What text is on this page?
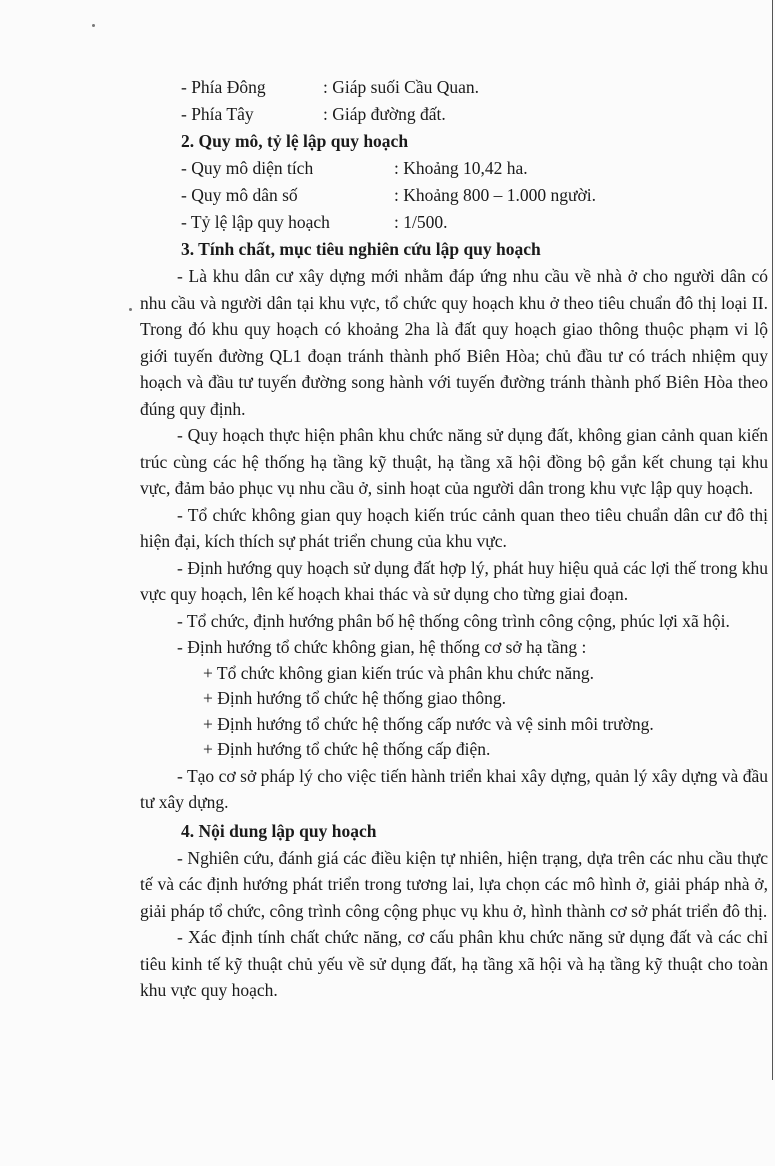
- Phía Đông	: Giáp suối Cầu Quan.
- Phía Tây	: Giáp đường đất.
2. Quy mô, tỷ lệ lập quy hoạch
- Quy mô diện tích	: Khoảng 10,42 ha.
- Quy mô dân số	: Khoảng 800 – 1.000 người.
- Tỷ lệ lập quy hoạch	: 1/500.
3. Tính chất, mục tiêu nghiên cứu lập quy hoạch
- Là khu dân cư xây dựng mới nhằm đáp ứng nhu cầu về nhà ở cho người dân có nhu cầu và người dân tại khu vực, tổ chức quy hoạch khu ở theo tiêu chuẩn đô thị loại II. Trong đó khu quy hoạch có khoảng 2ha là đất quy hoạch giao thông thuộc phạm vi lộ giới tuyến đường QL1 đoạn tránh thành phố Biên Hòa; chủ đầu tư có trách nhiệm quy hoạch và đầu tư tuyến đường song hành với tuyến đường tránh thành phố Biên Hòa theo đúng quy định.
- Quy hoạch thực hiện phân khu chức năng sử dụng đất, không gian cảnh quan kiến trúc cùng các hệ thống hạ tầng kỹ thuật, hạ tầng xã hội đồng bộ gắn kết chung tại khu vực, đảm bảo phục vụ nhu cầu ở, sinh hoạt của người dân trong khu vực lập quy hoạch.
- Tổ chức không gian quy hoạch kiến trúc cảnh quan theo tiêu chuẩn dân cư đô thị hiện đại, kích thích sự phát triển chung của khu vực.
- Định hướng quy hoạch sử dụng đất hợp lý, phát huy hiệu quả các lợi thế trong khu vực quy hoạch, lên kế hoạch khai thác và sử dụng cho từng giai đoạn.
- Tổ chức, định hướng phân bố hệ thống công trình công cộng, phúc lợi xã hội.
- Định hướng tổ chức không gian, hệ thống cơ sở hạ tầng :
+ Tổ chức không gian kiến trúc và phân khu chức năng.
+ Định hướng tổ chức hệ thống giao thông.
+ Định hướng tổ chức hệ thống cấp nước và vệ sinh môi trường.
+ Định hướng tổ chức hệ thống cấp điện.
- Tạo cơ sở pháp lý cho việc tiến hành triển khai xây dựng, quản lý xây dựng và đầu tư xây dựng.
4. Nội dung lập quy hoạch
- Nghiên cứu, đánh giá các điều kiện tự nhiên, hiện trạng, dựa trên các nhu cầu thực tế và các định hướng phát triển trong tương lai, lựa chọn các mô hình ở, giải pháp nhà ở, giải pháp tổ chức, công trình công cộng phục vụ khu ở, hình thành cơ sở phát triển đô thị.
- Xác định tính chất chức năng, cơ cấu phân khu chức năng sử dụng đất và các chỉ tiêu kinh tế kỹ thuật chủ yếu về sử dụng đất, hạ tầng xã hội và hạ tầng kỹ thuật cho toàn khu vực quy hoạch.
